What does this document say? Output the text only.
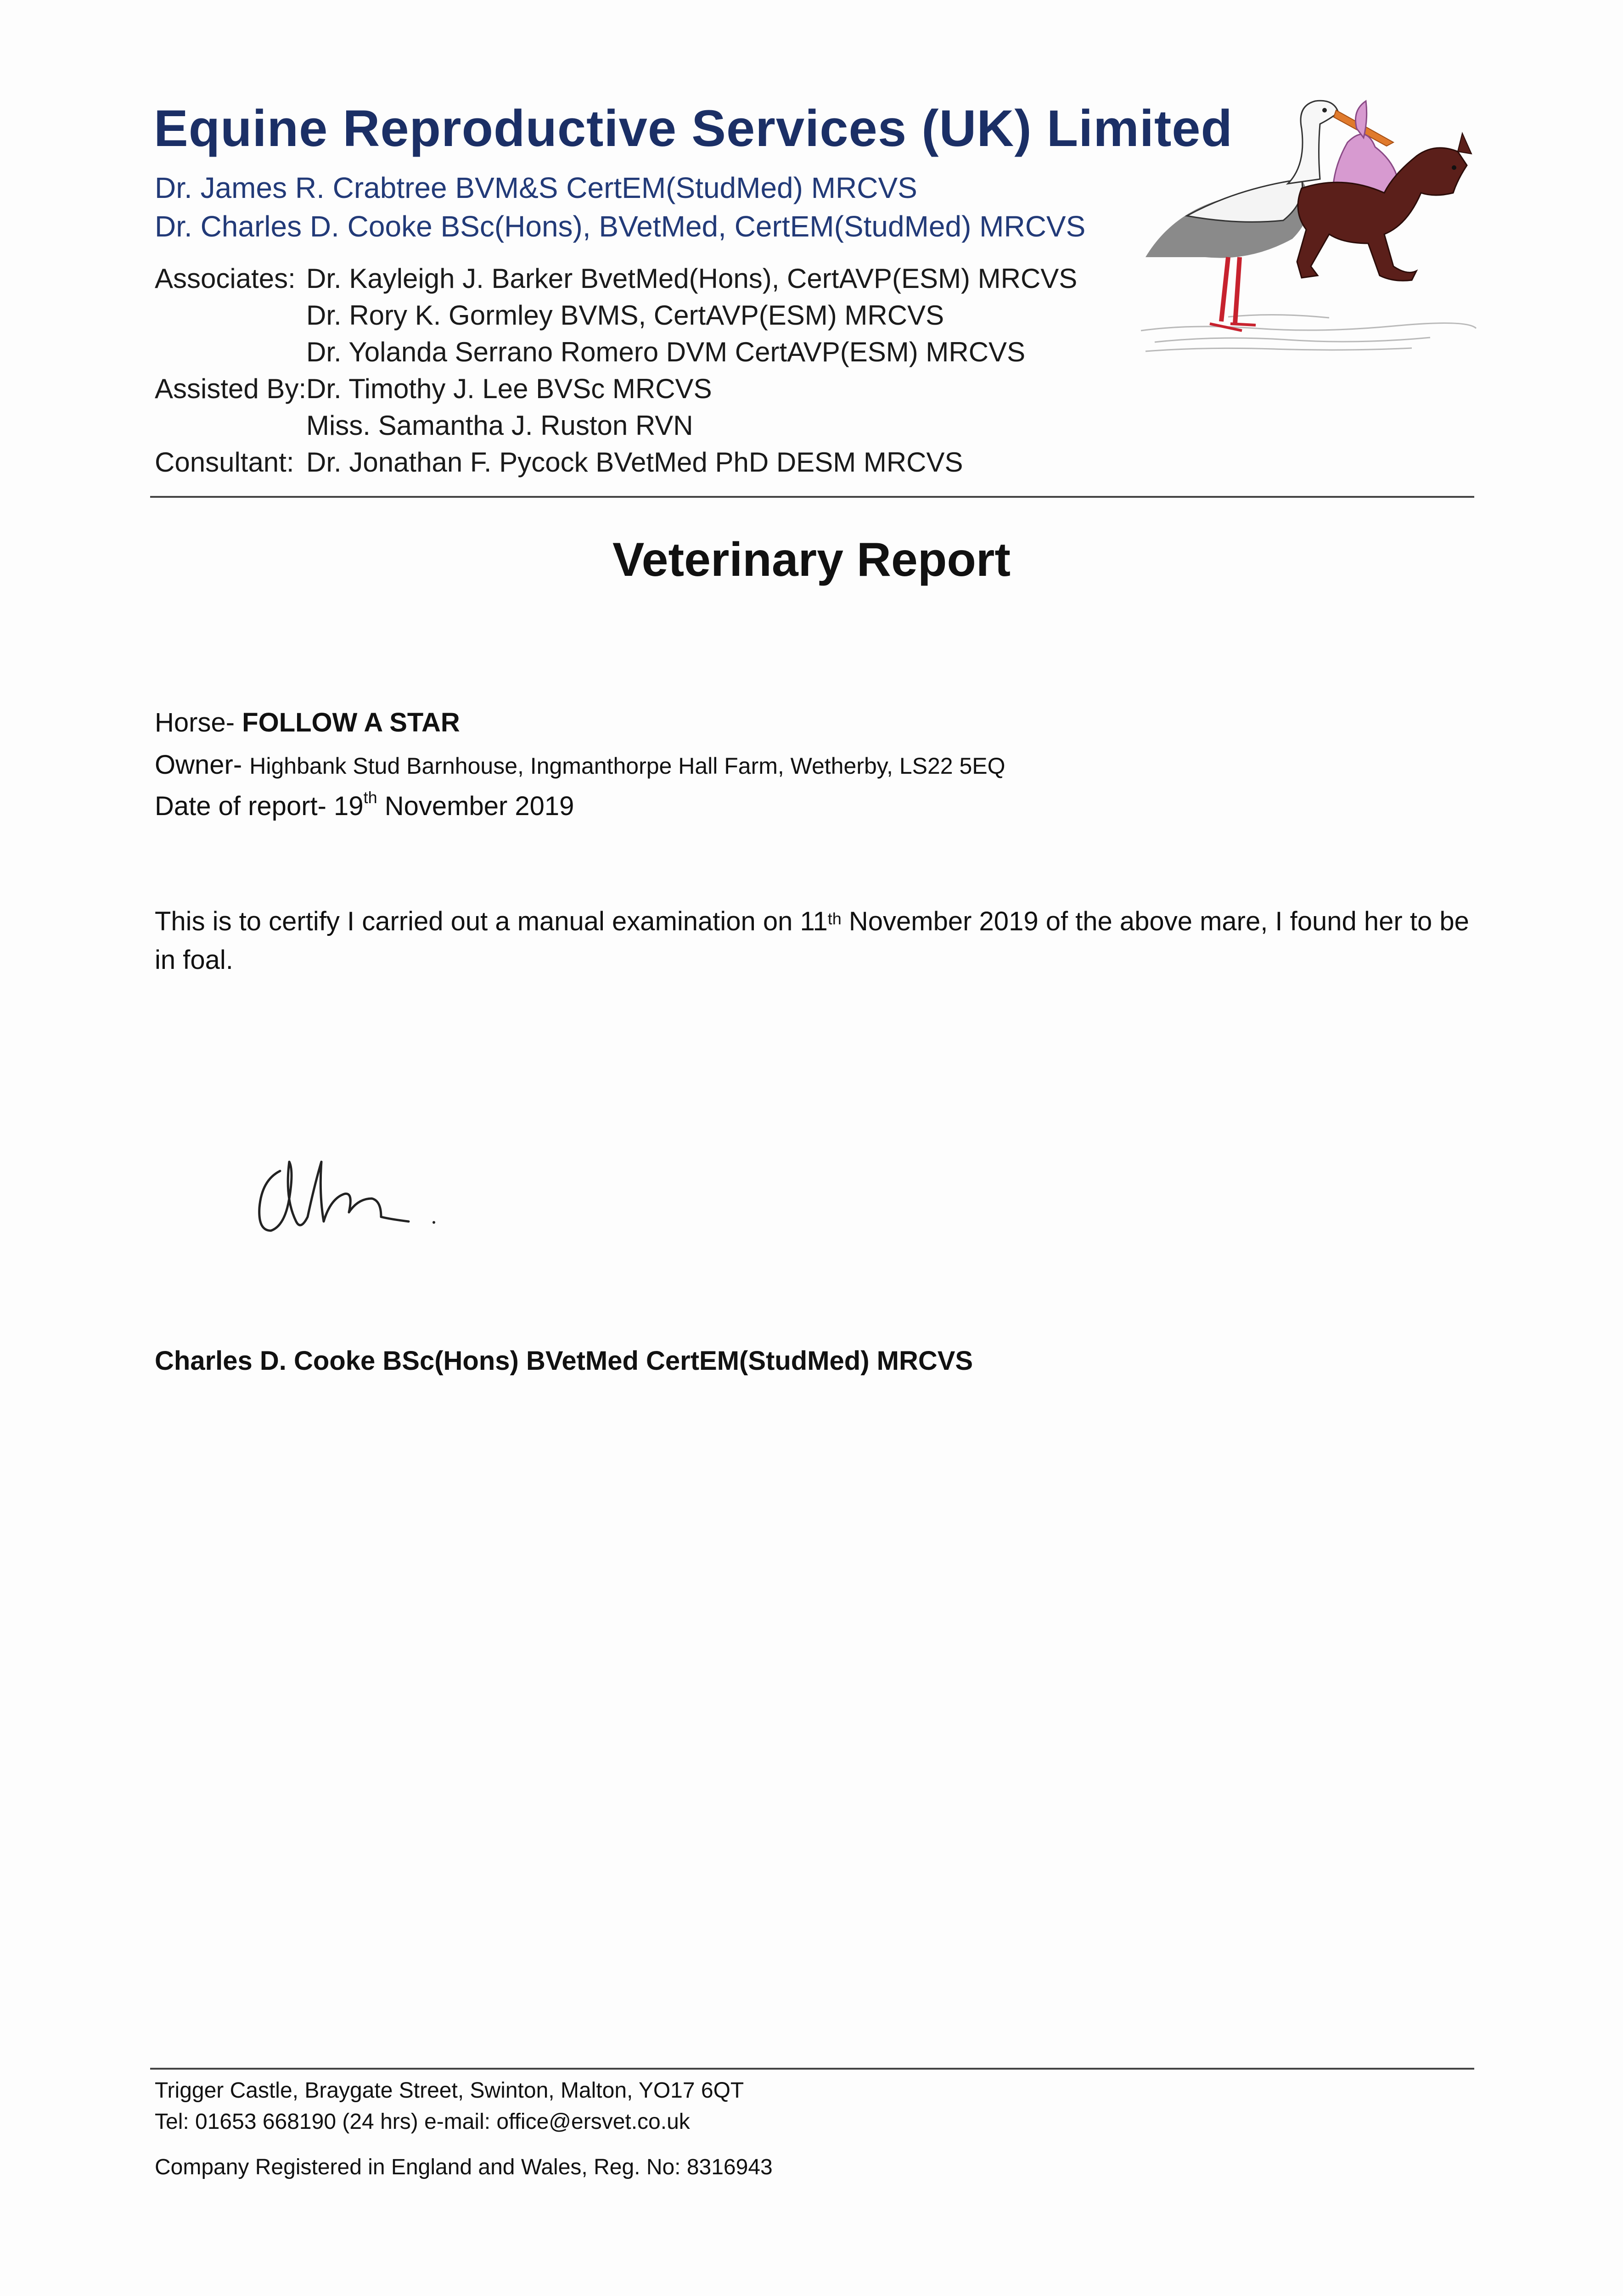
Equine Reproductive Services (UK) Limited
Dr. James R. Crabtree BVM&S CertEM(StudMed) MRCVS
Dr. Charles D. Cooke BSc(Hons), BVetMed, CertEM(StudMed) MRCVS
Associates: Dr. Kayleigh J. Barker BvetMed(Hons), CertAVP(ESM) MRCVS
Dr. Rory K. Gormley BVMS, CertAVP(ESM) MRCVS
Dr. Yolanda Serrano Romero DVM CertAVP(ESM) MRCVS
Assisted By:Dr. Timothy J. Lee BVSc MRCVS
Miss. Samantha J. Ruston RVN
Consultant: Dr. Jonathan F. Pycock BVetMed PhD DESM MRCVS
Veterinary Report
Horse- FOLLOW A STAR
Owner- Highbank Stud Barnhouse, Ingmanthorpe Hall Farm, Wetherby, LS22 5EQ
Date of report- 19th November 2019
This is to certify I carried out a manual examination on 11th November 2019 of the above mare, I found her to be in foal.
Charles D. Cooke BSc(Hons) BVetMed CertEM(StudMed) MRCVS
Trigger Castle, Braygate Street, Swinton, Malton, YO17 6QT
Tel: 01653 668190 (24 hrs) e-mail: office@ersvet.co.uk
Company Registered in England and Wales, Reg. No: 8316943
